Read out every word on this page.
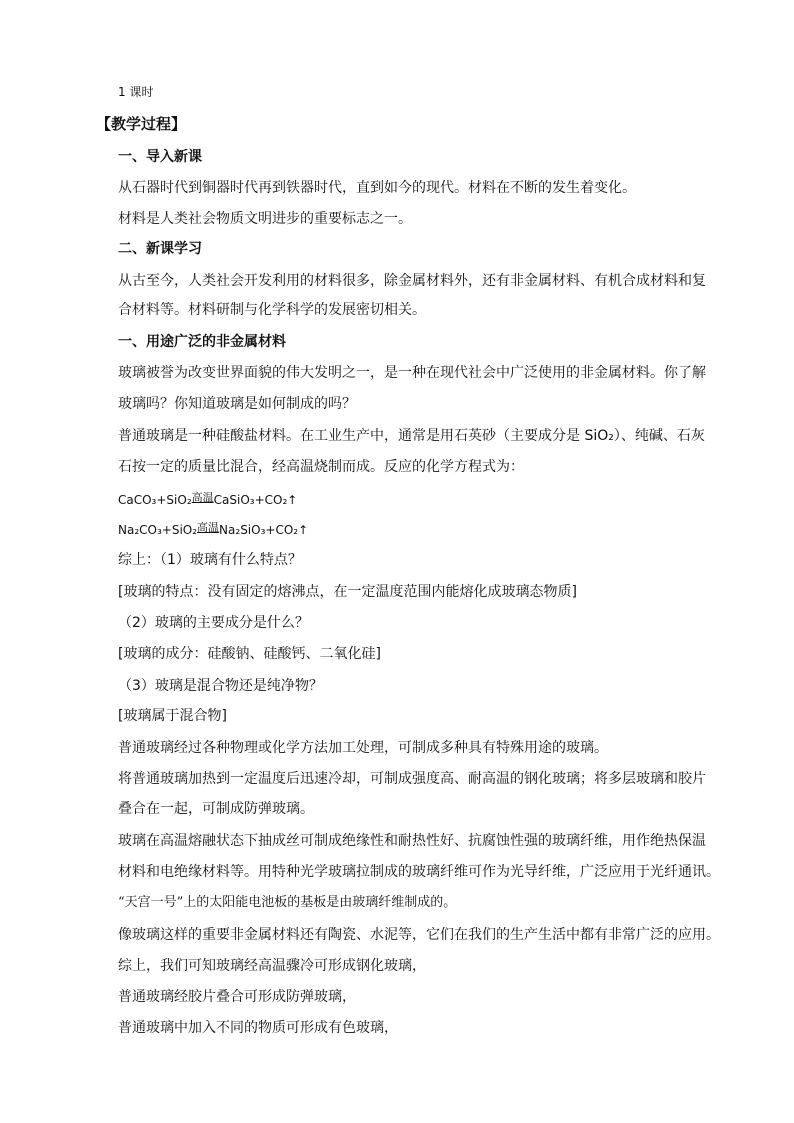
1 课时

【教学过程】

一、导入新课

从石器时代到铜器时代再到铁器时代，直到如今的现代。材料在不断的发生着变化。

材料是人类社会物质文明进步的重要标志之一。

二、新课学习

从古至今，人类社会开发利用的材料很多，除金属材料外，还有非金属材料、有机合成材料和复

合材料等。材料研制与化学科学的发展密切相关。

一、用途广泛的非金属材料

玻璃被誉为改变世界面貌的伟大发明之一，是一种在现代社会中广泛使用的非金属材料。你了解

玻璃吗？你知道玻璃是如何制成的吗？

普通玻璃是一种硅酸盐材料。在工业生产中，通常是用石英砂（主要成分是 SiO₂）、纯碱、石灰

石按一定的质量比混合，经高温烧制而成。反应的化学方程式为：

CaCO₃+SiO₂高温CaSiO₃+CO₂↑

Na₂CO₃+SiO₂高温Na₂SiO₃+CO₂↑

综上：（1）玻璃有什么特点？

[玻璃的特点：没有固定的熔沸点，在一定温度范围内能熔化成玻璃态物质]

（2）玻璃的主要成分是什么？

[玻璃的成分：硅酸钠、硅酸钙、二氧化硅]

（3）玻璃是混合物还是纯净物？

[玻璃属于混合物]

普通玻璃经过各种物理或化学方法加工处理，可制成多种具有特殊用途的玻璃。

将普通玻璃加热到一定温度后迅速冷却，可制成强度高、耐高温的钢化玻璃；将多层玻璃和胶片

叠合在一起，可制成防弹玻璃。

玻璃在高温熔融状态下抽成丝可制成绝缘性和耐热性好、抗腐蚀性强的玻璃纤维，用作绝热保温

材料和电绝缘材料等。用特种光学玻璃拉制成的玻璃纤维可作为光导纤维，广泛应用于光纤通讯。

“天宫一号”上的太阳能电池板的基板是由玻璃纤维制成的。

像玻璃这样的重要非金属材料还有陶瓷、水泥等，它们在我们的生产生活中都有非常广泛的应用。

综上，我们可知玻璃经高温骤冷可形成钢化玻璃，

普通玻璃经胶片叠合可形成防弹玻璃，

普通玻璃中加入不同的物质可形成有色玻璃，
